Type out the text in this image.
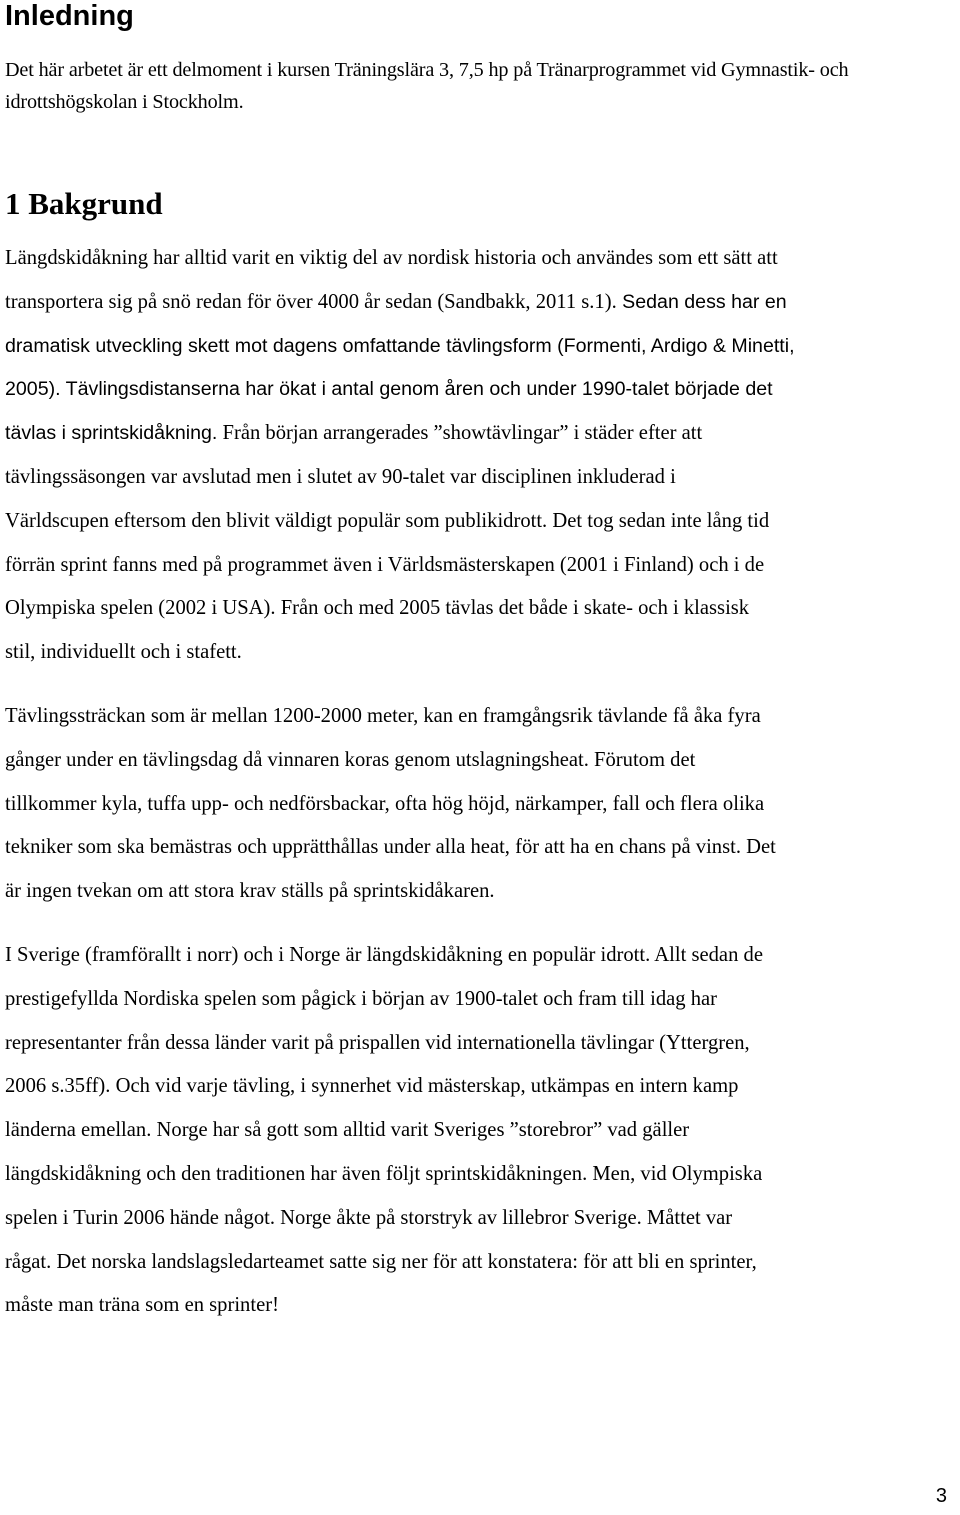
Inledning

Det här arbetet är ett delmoment i kursen Träningslära 3, 7,5 hp på Tränarprogrammet vid Gymnastik- och idrottshögskolan i Stockholm.

1 Bakgrund

Längdskidåkning har alltid varit en viktig del av nordisk historia och användes som ett sätt att
transportera sig på snö redan för över 4000 år sedan (Sandbakk, 2011 s.1). Sedan dess har en
dramatisk utveckling skett mot dagens omfattande tävlingsform (Formenti, Ardigo & Minetti,
2005). Tävlingsdistanserna har ökat i antal genom åren och under 1990-talet började det
tävlas i sprintskidåkning. Från början arrangerades ”showtävlingar” i städer efter att
tävlingssäsongen var avslutad men i slutet av 90-talet var disciplinen inkluderad i
Världscupen eftersom den blivit väldigt populär som publikidrott. Det tog sedan inte lång tid
förrän sprint fanns med på programmet även i Världsmästerskapen (2001 i Finland) och i de
Olympiska spelen (2002 i USA). Från och med 2005 tävlas det både i skate- och i klassisk
stil, individuellt och i stafett.

Tävlingssträckan som är mellan 1200-2000 meter, kan en framgångsrik tävlande få åka fyra
gånger under en tävlingsdag då vinnaren koras genom utslagningsheat. Förutom det
tillkommer kyla, tuffa upp- och nedförsbackar, ofta hög höjd, närkamper, fall och flera olika
tekniker som ska bemästras och upprätthållas under alla heat, för att ha en chans på vinst. Det
är ingen tvekan om att stora krav ställs på sprintskidåkaren.

I Sverige (framförallt i norr) och i Norge är längdskidåkning en populär idrott. Allt sedan de
prestigefyllda Nordiska spelen som pågick i början av 1900-talet och fram till idag har
representanter från dessa länder varit på prispallen vid internationella tävlingar (Yttergren,
2006 s.35ff). Och vid varje tävling, i synnerhet vid mästerskap, utkämpas en intern kamp
länderna emellan. Norge har så gott som alltid varit Sveriges ”storebror” vad gäller
längdskidåkning och den traditionen har även följt sprintskidåkningen. Men, vid Olympiska
spelen i Turin 2006 hände något. Norge åkte på storstryk av lillebror Sverige. Måttet var
rågat. Det norska landslagsledarteamet satte sig ner för att konstatera: för att bli en sprinter,
måste man träna som en sprinter!

3
